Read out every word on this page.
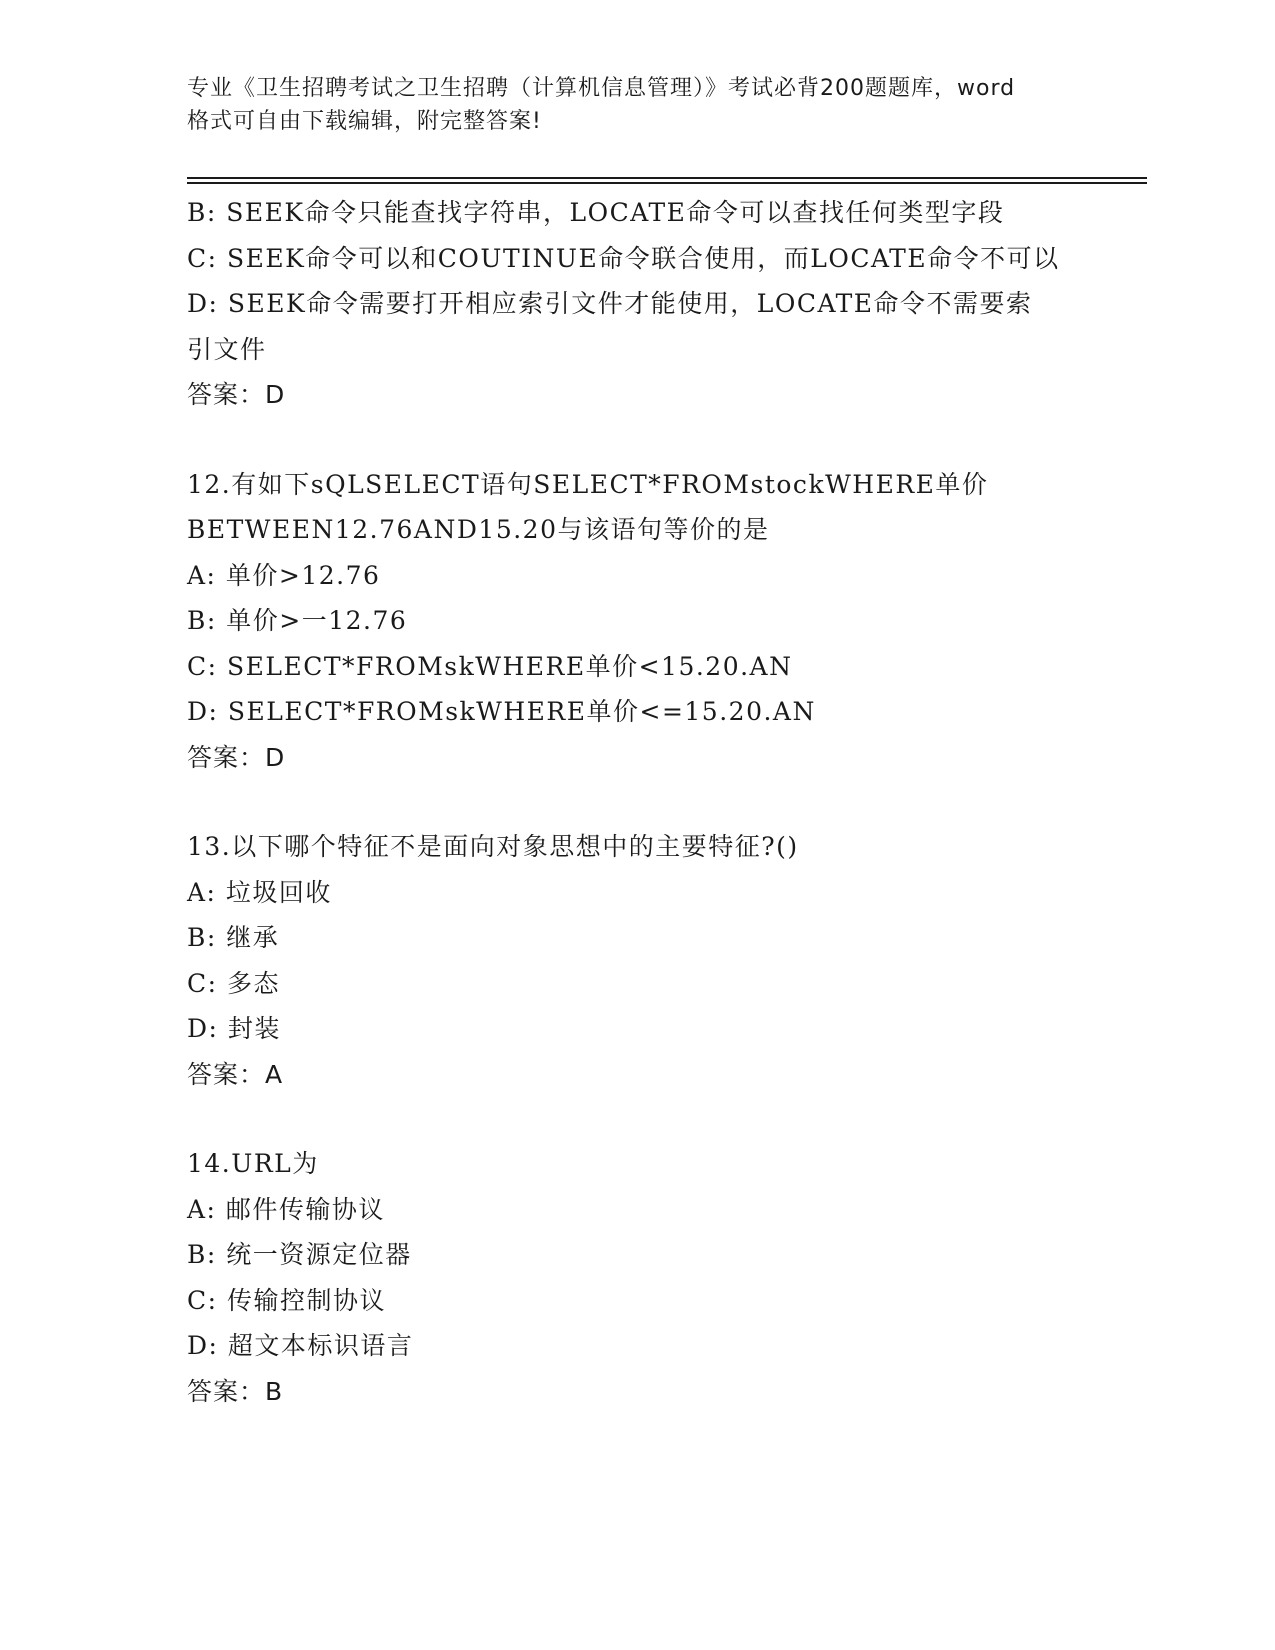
专业《卫生招聘考试之卫生招聘（计算机信息管理）》考试必背200题题库，word
格式可自由下载编辑，附完整答案!
B: SEEK命令只能查找字符串，LOCATE命令可以查找任何类型字段
C: SEEK命令可以和COUTINUE命令联合使用，而LOCATE命令不可以
D: SEEK命令需要打开相应索引文件才能使用，LOCATE命令不需要索
引文件
答案：D
12.有如下sQLSELECT语句SELECT*FROMstockWHERE单价
BETWEEN12.76AND15.20与该语句等价的是
A: 单价>12.76
B: 单价>一12.76
C: SELECT*FROMskWHERE单价<15.20.AN
D: SELECT*FROMskWHERE单价<=15.20.AN
答案：D
13.以下哪个特征不是面向对象思想中的主要特征?()
A: 垃圾回收
B: 继承
C: 多态
D: 封装
答案：A
14.URL为
A: 邮件传输协议
B: 统一资源定位器
C: 传输控制协议
D: 超文本标识语言
答案：B
